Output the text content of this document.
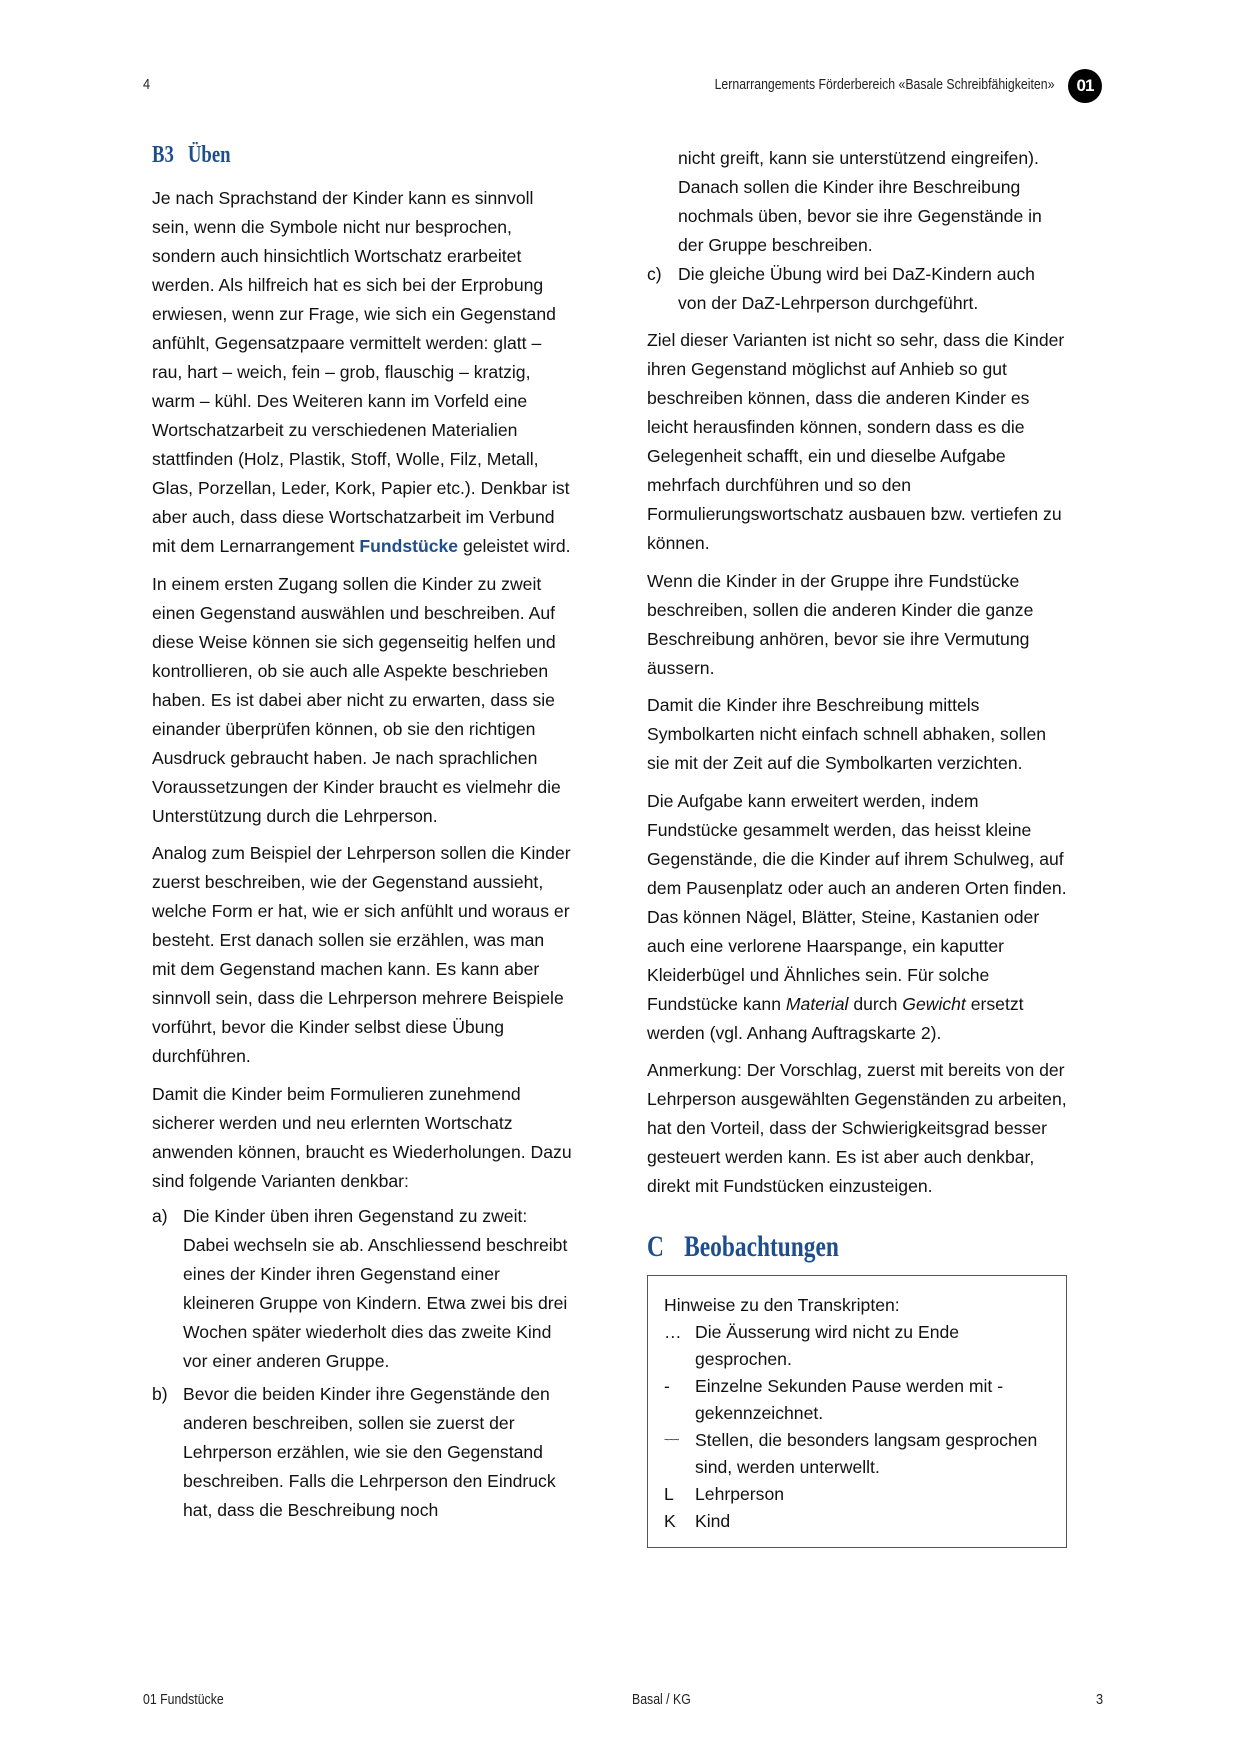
4	Lernarrangements Förderbereich «Basale Schreibfähigkeiten»	01
B3 Üben

Je nach Sprachstand der Kinder kann es sinnvoll sein, wenn die Symbole nicht nur besprochen, sondern auch hinsichtlich Wortschatz erarbeitet werden. Als hilfreich hat es sich bei der Erprobung erwiesen, wenn zur Frage, wie sich ein Gegenstand anfühlt, Gegensatzpaare vermittelt werden: glatt – rau, hart – weich, fein – grob, flauschig – kratzig, warm – kühl. Des Weiteren kann im Vorfeld eine Wortschatzarbeit zu verschiedenen Materialien stattfinden (Holz, Plastik, Stoff, Wolle, Filz, Metall, Glas, Porzellan, Leder, Kork, Papier etc.). Denkbar ist aber auch, dass diese Wortschatzarbeit im Verbund mit dem Lernarrangement Fundstücke geleistet wird.

In einem ersten Zugang sollen die Kinder zu zweit einen Gegenstand auswählen und beschreiben. Auf diese Weise können sie sich gegenseitig helfen und kontrollieren, ob sie auch alle Aspekte beschrieben haben. Es ist dabei aber nicht zu erwarten, dass sie einander überprüfen können, ob sie den richtigen Ausdruck gebraucht haben. Je nach sprachlichen Voraussetzungen der Kinder braucht es vielmehr die Unterstützung durch die Lehrperson.

Analog zum Beispiel der Lehrperson sollen die Kinder zuerst beschreiben, wie der Gegenstand aussieht, welche Form er hat, wie er sich anfühlt und woraus er besteht. Erst danach sollen sie erzählen, was man mit dem Gegenstand machen kann. Es kann aber sinnvoll sein, dass die Lehrperson mehrere Beispiele vorführt, bevor die Kinder selbst diese Übung durchführen.

Damit die Kinder beim Formulieren zunehmend sicherer werden und neu erlernten Wortschatz anwenden können, braucht es Wiederholungen. Dazu sind folgende Varianten denkbar:

a) Die Kinder üben ihren Gegenstand zu zweit: Dabei wechseln sie ab. Anschliessend beschreibt eines der Kinder ihren Gegenstand einer kleineren Gruppe von Kindern. Etwa zwei bis drei Wochen später wiederholt dies das zweite Kind vor einer anderen Gruppe.
b) Bevor die beiden Kinder ihre Gegenstände den anderen beschreiben, sollen sie zuerst der Lehrperson erzählen, wie sie den Gegenstand beschreiben. Falls die Lehrperson den Eindruck hat, dass die Beschreibung noch
nicht greift, kann sie unterstützend eingreifen). Danach sollen die Kinder ihre Beschreibung nochmals üben, bevor sie ihre Gegenstände in der Gruppe beschreiben.
c) Die gleiche Übung wird bei DaZ-Kindern auch von der DaZ-Lehrperson durchgeführt.

Ziel dieser Varianten ist nicht so sehr, dass die Kinder ihren Gegenstand möglichst auf Anhieb so gut beschreiben können, dass die anderen Kinder es leicht herausfinden können, sondern dass es die Gelegenheit schafft, ein und dieselbe Aufgabe mehrfach durchführen und so den Formulierungswortschatz ausbauen bzw. vertiefen zu können.

Wenn die Kinder in der Gruppe ihre Fundstücke beschreiben, sollen die anderen Kinder die ganze Beschreibung anhören, bevor sie ihre Vermutung äussern.

Damit die Kinder ihre Beschreibung mittels Symbolkarten nicht einfach schnell abhaken, sollen sie mit der Zeit auf die Symbolkarten verzichten.

Die Aufgabe kann erweitert werden, indem Fundstücke gesammelt werden, das heisst kleine Gegenstände, die die Kinder auf ihrem Schulweg, auf dem Pausenplatz oder auch an anderen Orten finden. Das können Nägel, Blätter, Steine, Kastanien oder auch eine verlorene Haarspange, ein kaputter Kleiderbügel und Ähnliches sein. Für solche Fundstücke kann Material durch Gewicht ersetzt werden (vgl. Anhang Auftragskarte 2).

Anmerkung: Der Vorschlag, zuerst mit bereits von der Lehrperson ausgewählten Gegenständen zu arbeiten, hat den Vorteil, dass der Schwierigkeitsgrad besser gesteuert werden kann. Es ist aber auch denkbar, direkt mit Fundstücken einzusteigen.

C Beobachtungen
Hinweise zu den Transkripten:
… Die Äusserung wird nicht zu Ende gesprochen.
-	Einzelne Sekunden Pause werden mit - gekennzeichnet.
~~~ Stellen, die besonders langsam gesprochen sind, werden unterwellt.
L	Lehrperson
K	Kind
01 Fundstücke	Basal / KG	3
